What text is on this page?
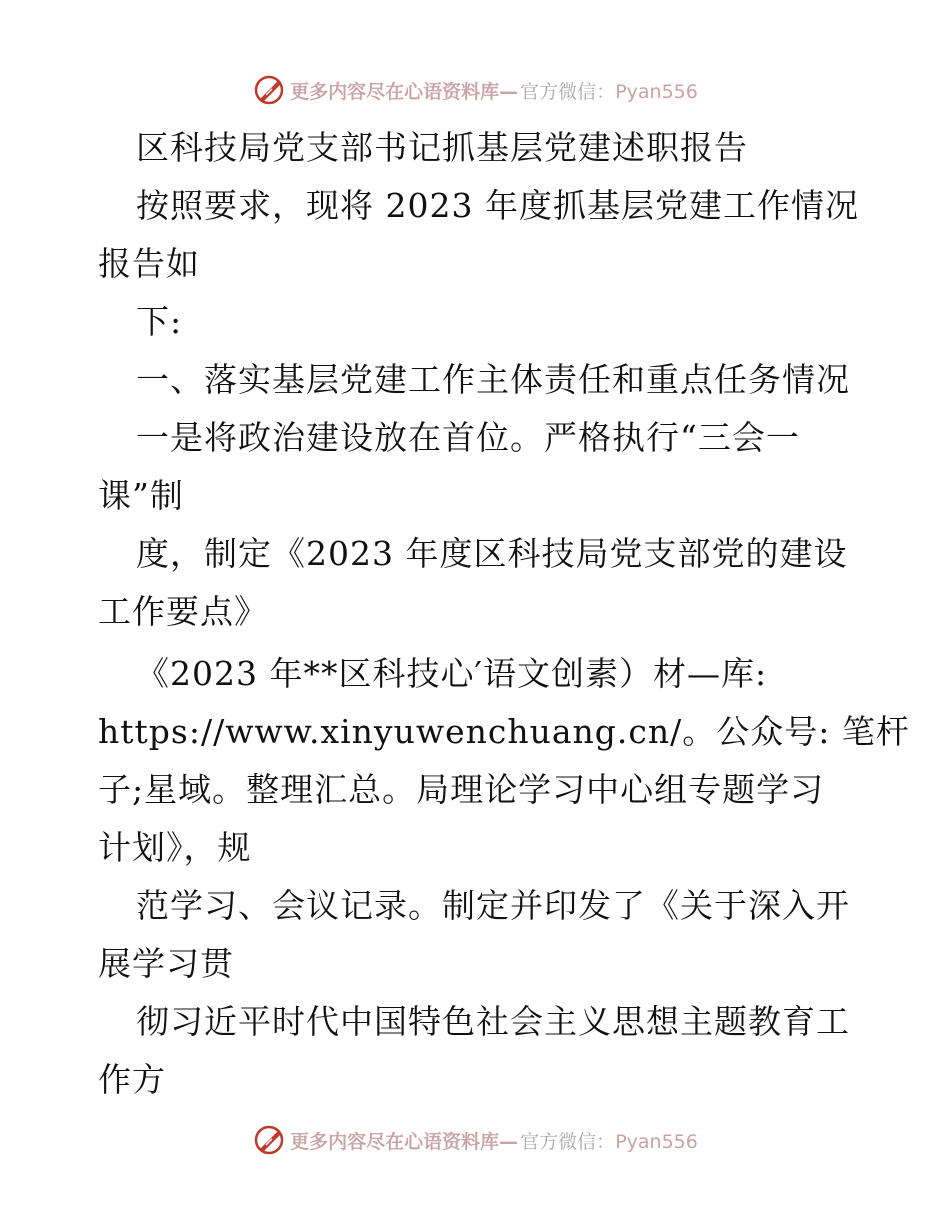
更多内容尽在心语资料库— 官方微信：Pyan556
区科技局党支部书记抓基层党建述职报告
按照要求，现将 2023 年度抓基层党建工作情况
报告如
下:
一、落实基层党建工作主体责任和重点任务情况
一是将政治建设放在首位。严格执行“三会一
课”制
度，制定《2023 年度区科技局党支部党的建设
工作要点》
《2023 年**区科技心′语文创素）材—库:
https://www.xinyuwenchuang.cn/。公众号: 笔杆
子;星域。整理汇总。局理论学习中心组专题学习
计划》，规
范学习、会议记录。制定并印发了《关于深入开
展学习贯
彻习近平时代中国特色社会主义思想主题教育工
作方
更多内容尽在心语资料库— 官方微信：Pyan556
